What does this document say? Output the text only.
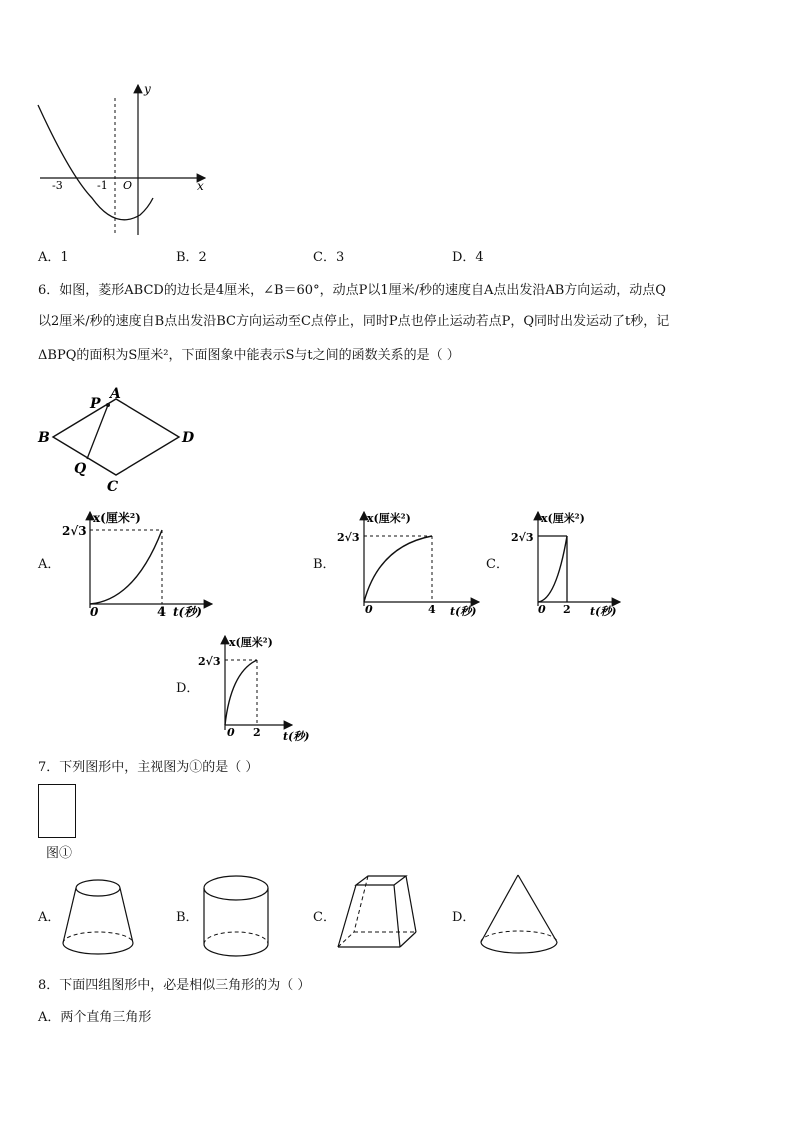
y
x
-3	-1 O
A．1	B．2	C．3	D．4
6．如图，菱形ABCD的边长是4厘米，∠B＝60°，动点P以1厘米/秒的速度自A点出发沿AB方向运动，动点Q
以2厘米/秒的速度自B点出发沿BC方向运动至C点停止，同时P点也停止运动若点P，Q同时出发运动了t秒，记
ΔBPQ的面积为S厘米²，下面图象中能表示S与t之间的函数关系的是（ ）
A
B
C
D
P
Q
A．
x(厘米²)
2√3
0	4 t(秒)
B．
x(厘米²)
2√3
0	4 t(秒)
C．
x(厘米²)
2√3
0 2 t(秒)
D．
x(厘米²)
2√3
0 2 t(秒)
7．下列图形中，主视图为①的是（ ）
图①
A．	B．	C．	D．
8．下面四组图形中，必是相似三角形的为（ ）
A．两个直角三角形
